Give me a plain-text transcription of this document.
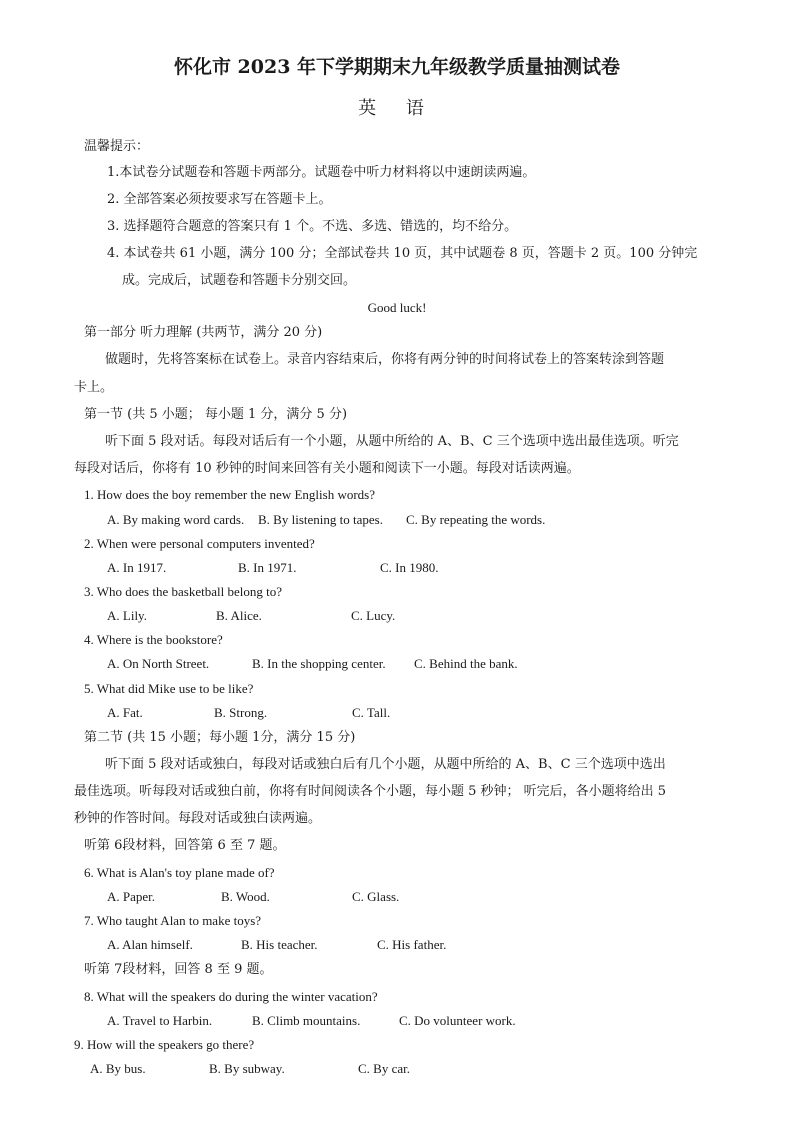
怀化市 2023 年下学期期末九年级教学质量抽测试卷
英 语
温馨提示：
1.本试卷分试题卷和答题卡两部分。试题卷中听力材料将以中速朗读两遍。
2. 全部答案必须按要求写在答题卡上。
3. 选择题符合题意的答案只有 1 个。不选、多选、错选的，均不给分。
4. 本试卷共 61 小题，满分 100 分；全部试卷共 10 页，其中试题卷 8 页，答题卡 2 页。100 分钟完
成。完成后，试题卷和答题卡分别交回。
Good luck!
第一部分 听力理解 (共两节，满分 20 分)
做题时，先将答案标在试卷上。录音内容结束后，你将有两分钟的时间将试卷上的答案转涂到答题
卡上。
第一节 (共 5 小题； 每小题 1 分，满分 5 分)
听下面 5 段对话。每段对话后有一个小题，从题中所给的 A、B、C 三个选项中选出最佳选项。听完
每段对话后，你将有 10 秒钟的时间来回答有关小题和阅读下一小题。每段对话读两遍。
1. How does the boy remember the new English words?
A. By making word cards. B. By listening to tapes. C. By repeating the words.
2. When were personal computers invented?
A. In 1917.	B. In 1971.	C. In 1980.
3. Who does the basketball belong to?
A. Lily.	B. Alice.	C. Lucy.
4. Where is the bookstore?
A. On North Street.	B. In the shopping center. C. Behind the bank.
5. What did Mike use to be like?
A. Fat.	B. Strong.	C. Tall.
第二节 (共 15 小题；每小题 1分，满分 15 分)
听下面 5 段对话或独白，每段对话或独白后有几个小题，从题中所给的 A、B、C 三个选项中选出
最佳选项。听每段对话或独白前，你将有时间阅读各个小题，每小题 5 秒钟； 听完后，各小题将给出 5
秒钟的作答时间。每段对话或独白读两遍。
听第 6段材料，回答第 6 至 7 题。
6. What is Alan's toy plane made of?
A. Paper.	B. Wood.	C. Glass.
7. Who taught Alan to make toys?
A. Alan himself.	B. His teacher.	C. His father.
听第 7段材料，回答 8 至 9 题。
8. What will the speakers do during the winter vacation?
A. Travel to Harbin.	B. Climb mountains.	C. Do volunteer work.
9. How will the speakers go there?
A. By bus.	B. By subway.	C. By car.
